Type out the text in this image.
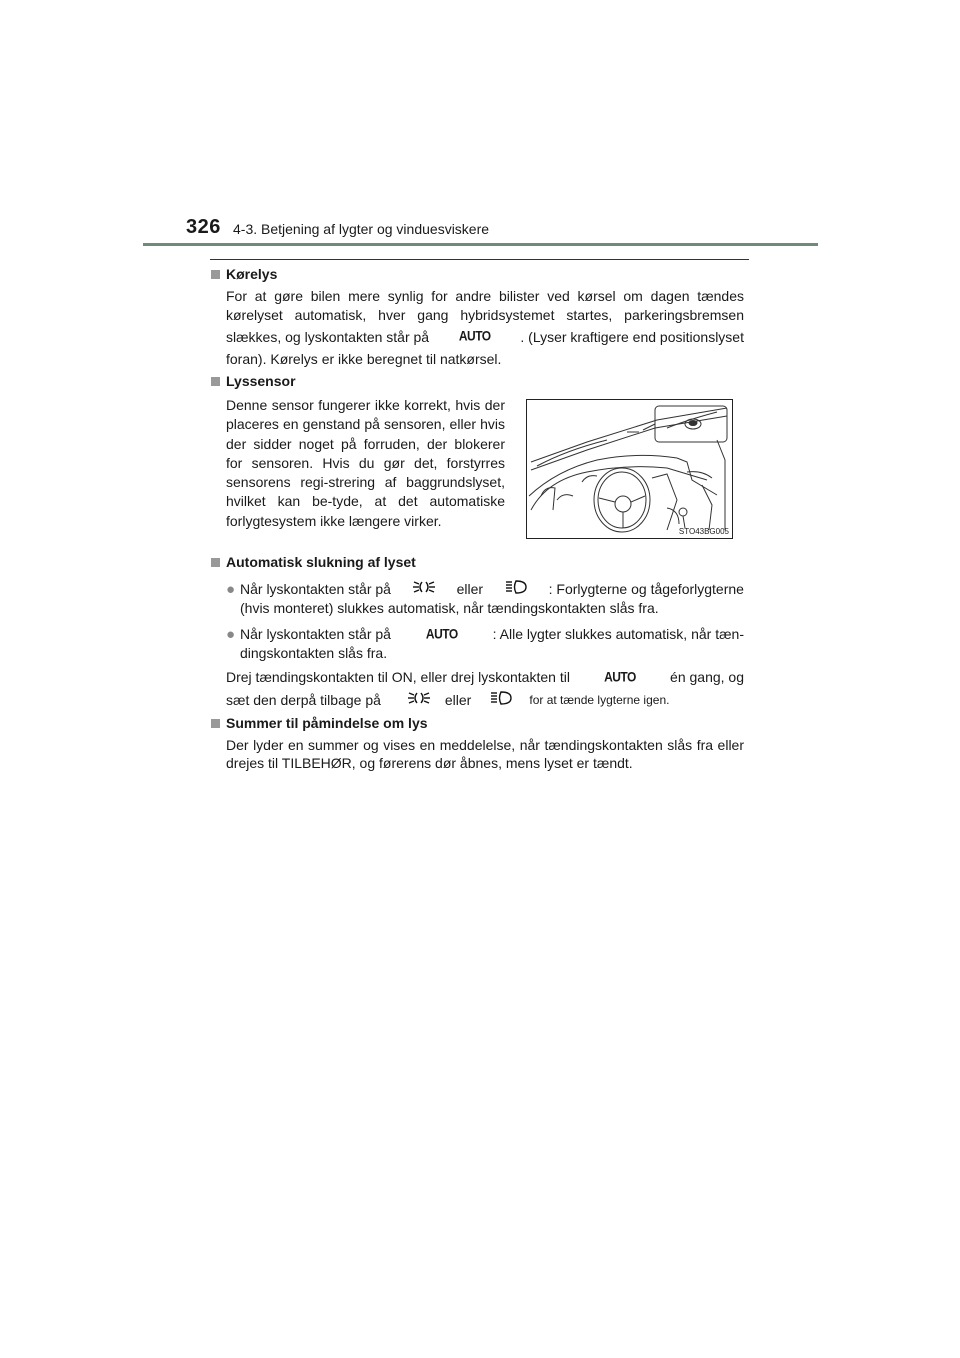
326 4-3. Betjening af lygter og vinduesviskere
Kørelys
For at gøre bilen mere synlig for andre bilister ved kørsel om dagen tændes
kørelyset automatisk, hver gang hybridsystemet startes, parkeringsbremsen
slækkes, og lyskontakten står på	AUTO . (Lyser kraftigere end positionslyset
foran). Kørelys er ikke beregnet til natkørsel.
Lyssensor
Denne sensor fungerer ikke korrekt, hvis der placeres en genstand på sensoren, eller hvis der sidder noget på forruden, der blokerer for sensoren. Hvis du gør det, forstyrres sensorens regi-strering af baggrundslyset, hvilket kan be-tyde, at det automatiske forlygtesystem ikke længere virker.
STO43BG005
Automatisk slukning af lyset
● Når lyskontakten står på	eller	: Forlygterne og tågeforlygterne
(hvis monteret) slukkes automatisk, når tændingskontakten slås fra.
● Når lyskontakten står på	AUTO : Alle lygter slukkes automatisk, når tæn-
dingskontakten slås fra.
Drej tændingskontakten til ON, eller drej lyskontakten til	AUTO én gang, og
sæt den derpå tilbage på	eller	for at tænde lygterne igen.
Summer til påmindelse om lys
Der lyder en summer og vises en meddelelse, når tændingskontakten slås fra eller drejes til TILBEHØR, og førerens dør åbnes, mens lyset er tændt.
